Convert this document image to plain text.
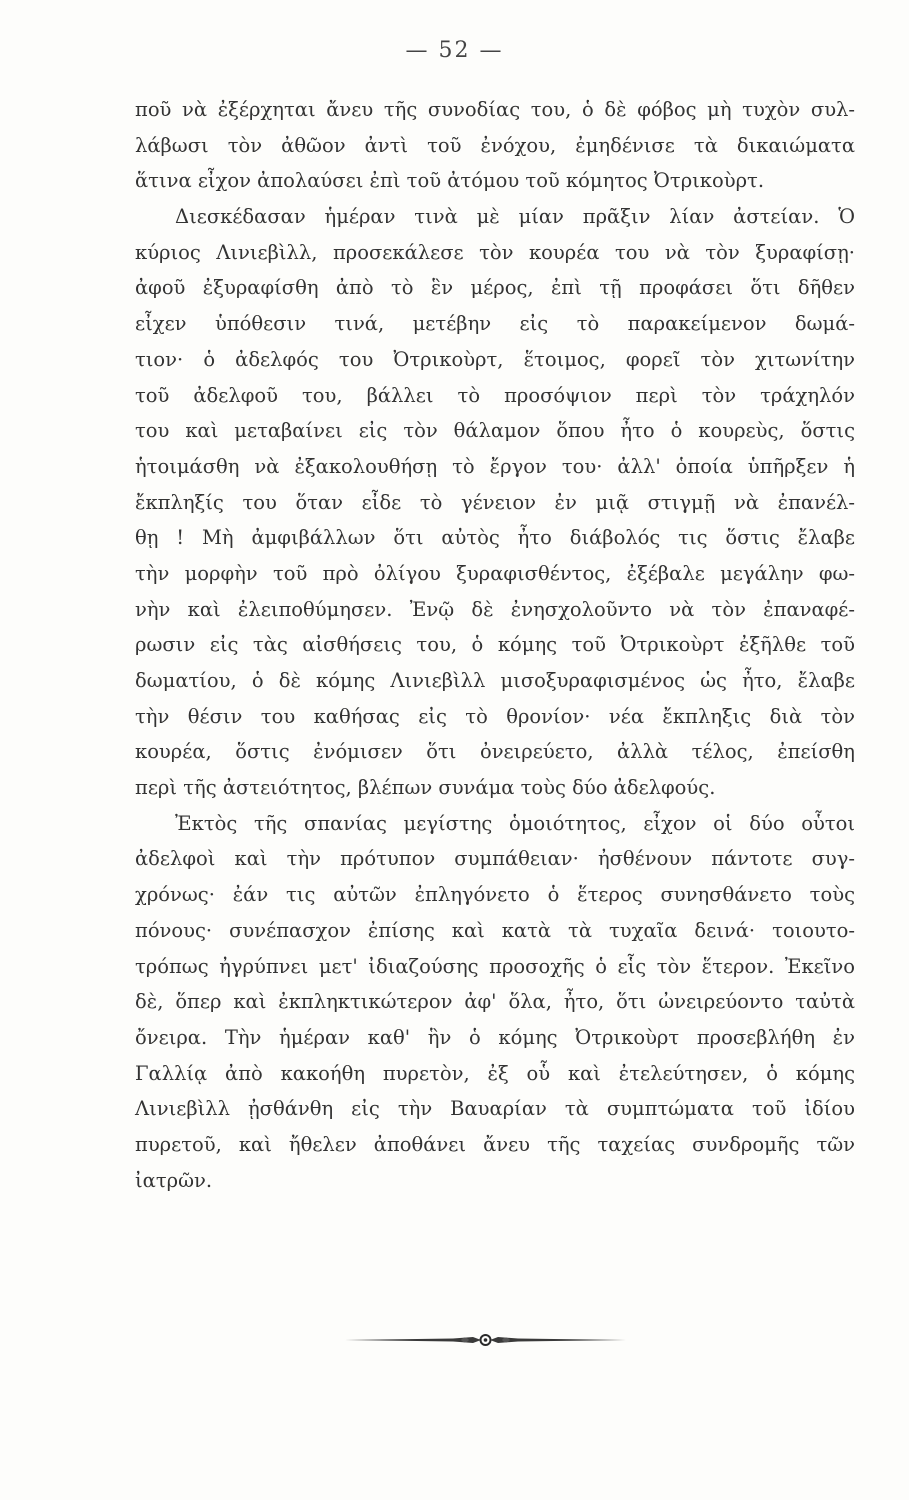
— 52 —
ποῦ νὰ ἐξέρχηται ἄνευ τῆς συνοδίας του, ὁ δὲ φόβος μὴ τυχὸν συλ-
λάβωσι τὸν ἀθῶον ἀντὶ τοῦ ἐνόχου, ἐμηδένισε τὰ δικαιώματα
ἅτινα εἶχον ἀπολαύσει ἐπὶ τοῦ ἀτόμου τοῦ κόμητος Ὀτρικοὺρτ.
Διεσκέδασαν ἡμέραν τινὰ μὲ μίαν πρᾶξιν λίαν ἀστείαν. Ὁ
κύριος Λινιεβὶλλ, προσεκάλεσε τὸν κουρέα του νὰ τὸν ξυραφίσῃ·
ἀφοῦ ἐξυραφίσθη ἀπὸ τὸ ἓν μέρος, ἐπὶ τῇ προφάσει ὅτι δῆθεν
εἶχεν ὑπόθεσιν τινά, μετέβην εἰς τὸ παρακείμενον δωμά-
τιον· ὁ ἀδελφός του Ὀτρικοὺρτ, ἕτοιμος, φορεῖ τὸν χιτωνίτην
τοῦ ἀδελφοῦ του, βάλλει τὸ προσόψιον περὶ τὸν τράχηλόν
του καὶ μεταβαίνει εἰς τὸν θάλαμον ὅπου ἦτο ὁ κουρεὺς, ὅστις
ἡτοιμάσθη νὰ ἐξακολουθήσῃ τὸ ἔργον του· ἀλλ' ὁποία ὑπῆρξεν ἡ
ἔκπληξίς του ὅταν εἶδε τὸ γένειον ἐν μιᾷ στιγμῇ νὰ ἐπανέλ-
θῃ ! Μὴ ἀμφιβάλλων ὅτι αὐτὸς ἦτο διάβολός τις ὅστις ἔλαβε
τὴν μορφὴν τοῦ πρὸ ὀλίγου ξυραφισθέντος, ἐξέβαλε μεγάλην φω-
νὴν καὶ ἐλειποθύμησεν. Ἐνῷ δὲ ἐνησχολοῦντο νὰ τὸν ἐπαναφέ-
ρωσιν εἰς τὰς αἰσθήσεις του, ὁ κόμης τοῦ Ὀτρικοὺρτ ἐξῆλθε τοῦ
δωματίου, ὁ δὲ κόμης Λινιεβὶλλ μισοξυραφισμένος ὡς ἦτο, ἔλαβε
τὴν θέσιν του καθήσας εἰς τὸ θρονίον· νέα ἔκπληξις διὰ τὸν
κουρέα, ὅστις ἐνόμισεν ὅτι ὀνειρεύετο, ἀλλὰ τέλος, ἐπείσθη
περὶ τῆς ἀστειότητος, βλέπων συνάμα τοὺς δύο ἀδελφούς.
Ἐκτὸς τῆς σπανίας μεγίστης ὁμοιότητος, εἶχον οἱ δύο οὗτοι
ἀδελφοὶ καὶ τὴν πρότυπον συμπάθειαν· ἠσθένουν πάντοτε συγ-
χρόνως· ἐάν τις αὐτῶν ἐπληγόνετο ὁ ἕτερος συνησθάνετο τοὺς
πόνους· συνέπασχον ἐπίσης καὶ κατὰ τὰ τυχαῖα δεινά· τοιουτο-
τρόπως ἠγρύπνει μετ' ἰδιαζούσης προσοχῆς ὁ εἷς τὸν ἕτερον. Ἐκεῖνο
δὲ, ὅπερ καὶ ἐκπληκτικώτερον ἀφ' ὅλα, ἦτο, ὅτι ὠνειρεύοντο ταὐτὰ
ὄνειρα. Τὴν ἡμέραν καθ' ἣν ὁ κόμης Ὀτρικοὺρτ προσεβλήθη ἐν
Γαλλίᾳ ἀπὸ κακοήθη πυρετὸν, ἐξ οὗ καὶ ἐτελεύτησεν, ὁ κόμης
Λινιεβὶλλ ᾐσθάνθη εἰς τὴν Βαυαρίαν τὰ συμπτώματα τοῦ ἰδίου
πυρετοῦ, καὶ ἤθελεν ἀποθάνει ἄνευ τῆς ταχείας συνδρομῆς τῶν
ἰατρῶν.
